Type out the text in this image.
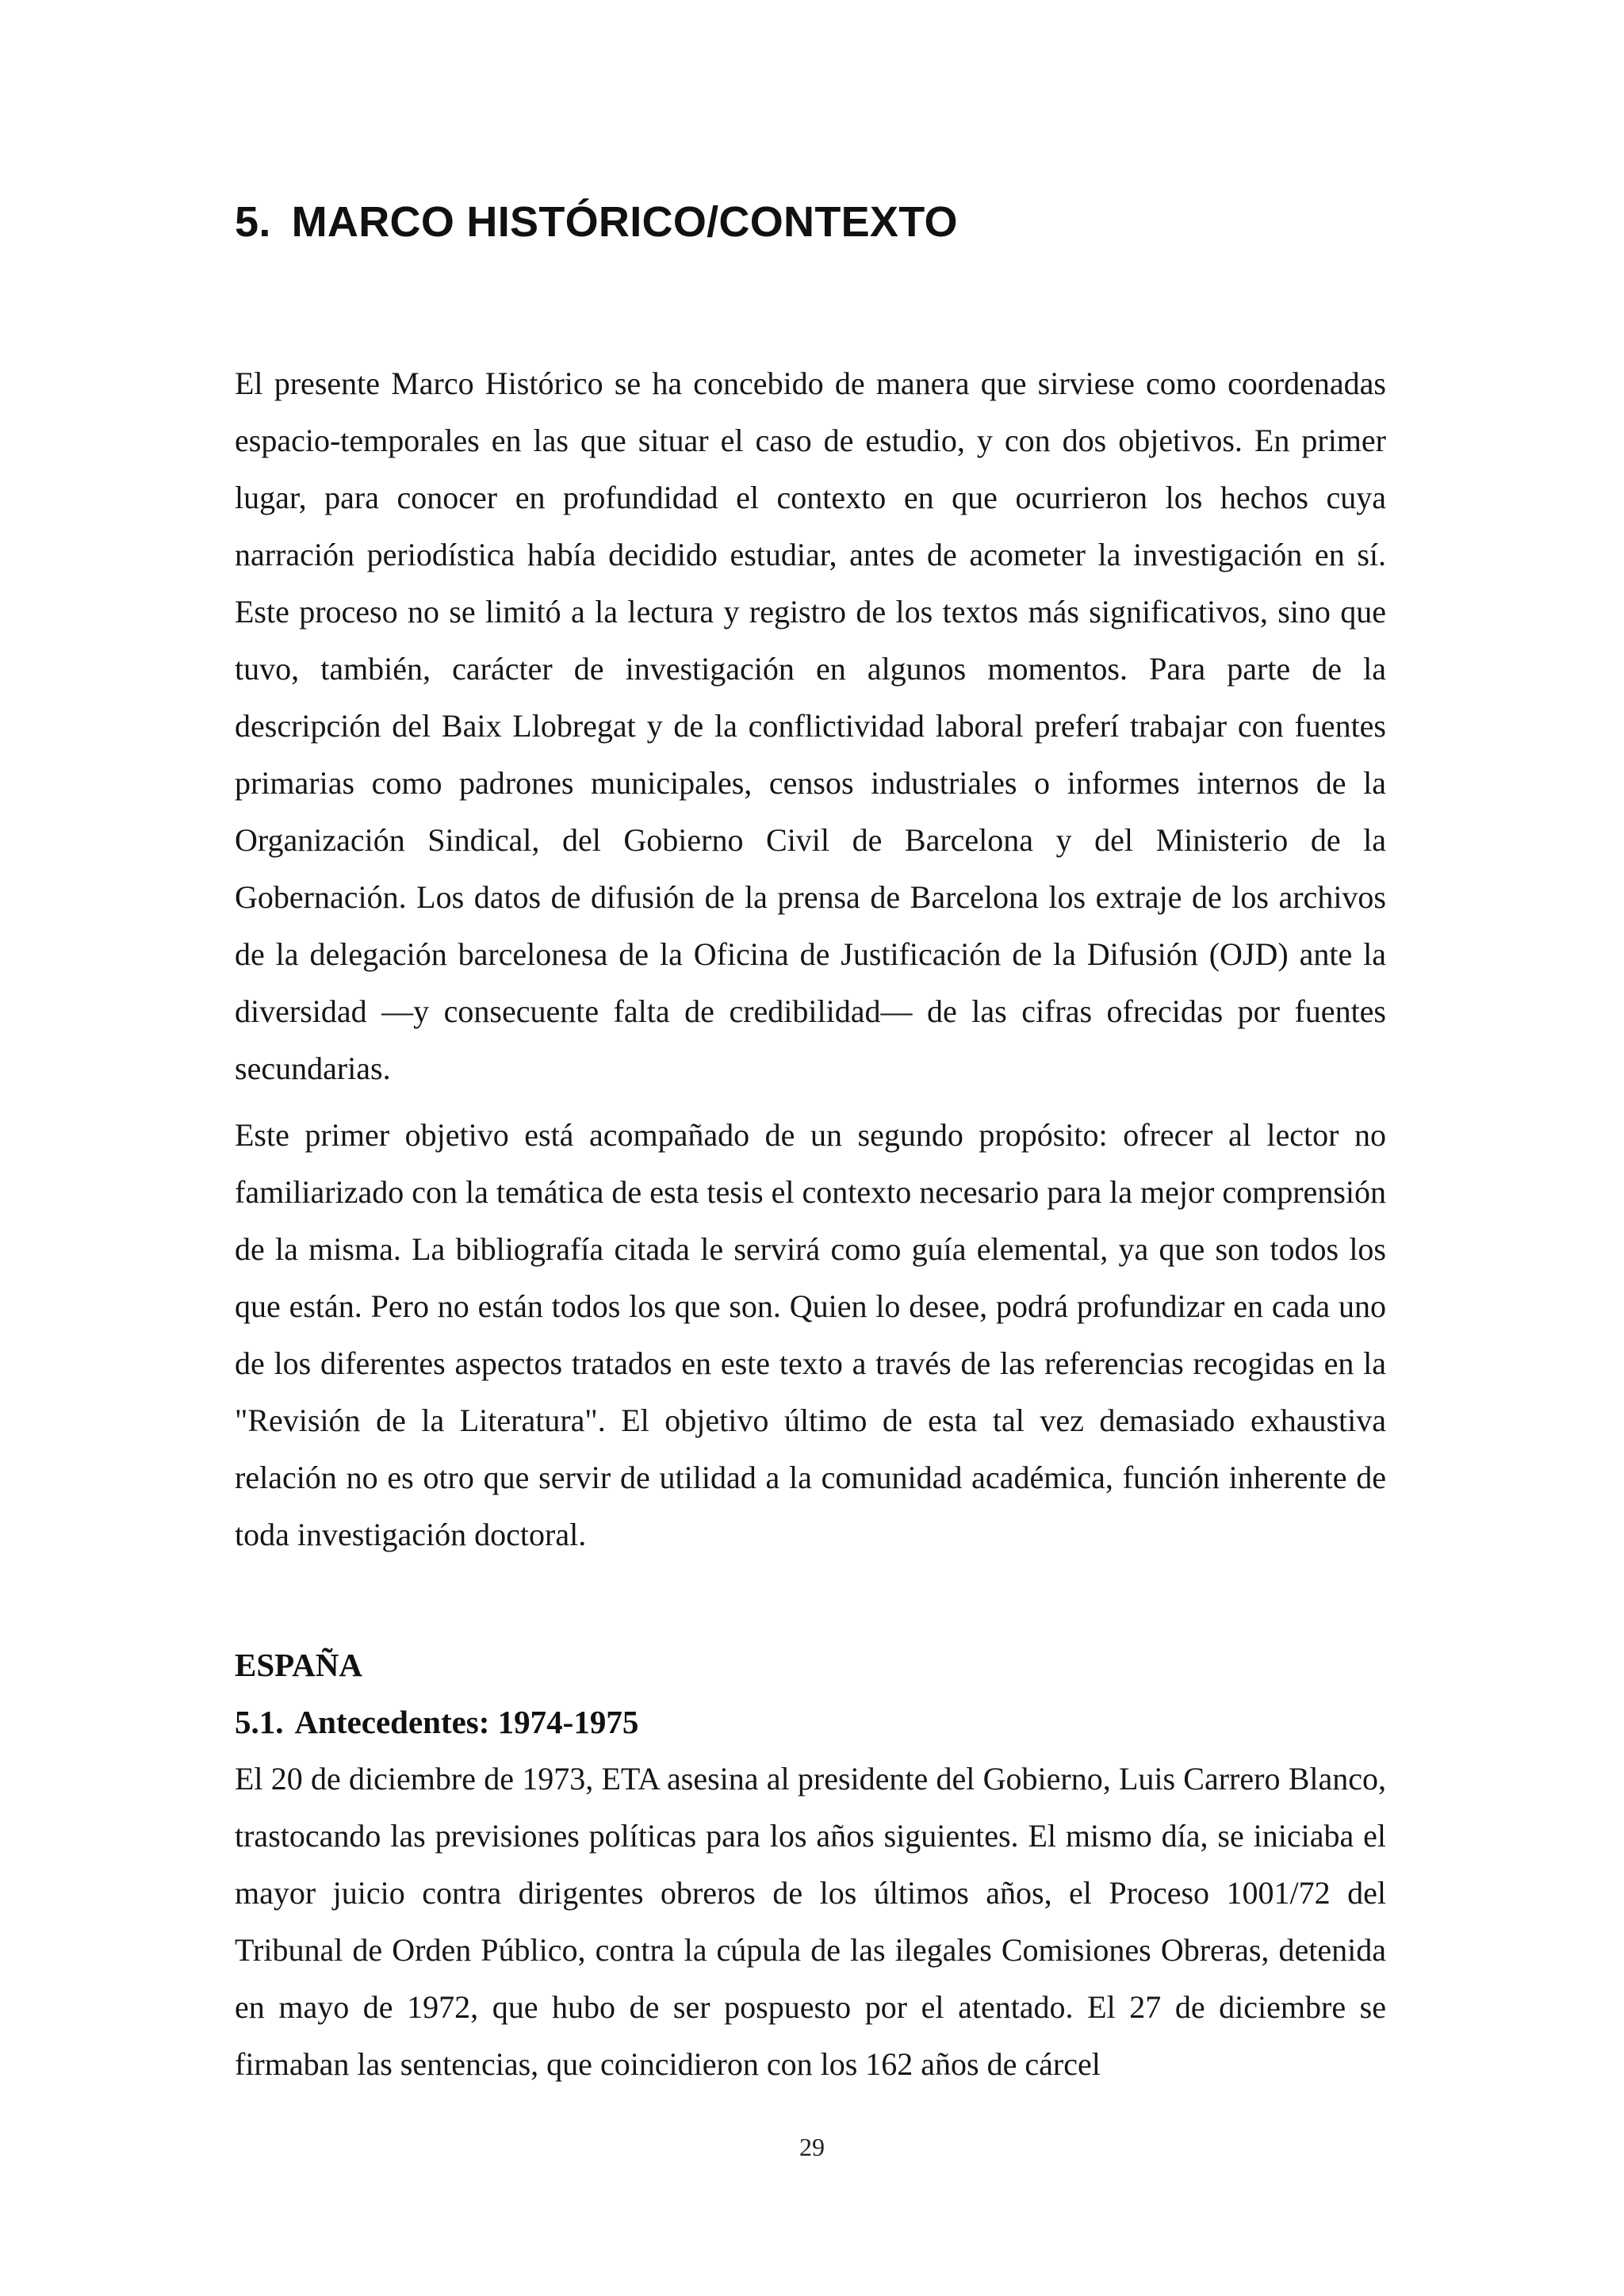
5. MARCO HISTÓRICO/CONTEXTO

El presente Marco Histórico se ha concebido de manera que sirviese como coordenadas espacio-temporales en las que situar el caso de estudio, y con dos objetivos. En primer lugar, para conocer en profundidad el contexto en que ocurrieron los hechos cuya narración periodística había decidido estudiar, antes de acometer la investigación en sí. Este proceso no se limitó a la lectura y registro de los textos más significativos, sino que tuvo, también, carácter de investigación en algunos momentos. Para parte de la descripción del Baix Llobregat y de la conflictividad laboral preferí trabajar con fuentes primarias como padrones municipales, censos industriales o informes internos de la Organización Sindical, del Gobierno Civil de Barcelona y del Ministerio de la Gobernación. Los datos de difusión de la prensa de Barcelona los extraje de los archivos de la delegación barcelonesa de la Oficina de Justificación de la Difusión (OJD) ante la diversidad —y consecuente falta de credibilidad— de las cifras ofrecidas por fuentes secundarias.

Este primer objetivo está acompañado de un segundo propósito: ofrecer al lector no familiarizado con la temática de esta tesis el contexto necesario para la mejor comprensión de la misma. La bibliografía citada le servirá como guía elemental, ya que son todos los que están. Pero no están todos los que son. Quien lo desee, podrá profundizar en cada uno de los diferentes aspectos tratados en este texto a través de las referencias recogidas en la "Revisión de la Literatura". El objetivo último de esta tal vez demasiado exhaustiva relación no es otro que servir de utilidad a la comunidad académica, función inherente de toda investigación doctoral.

ESPAÑA
5.1. Antecedentes: 1974-1975

El 20 de diciembre de 1973, ETA asesina al presidente del Gobierno, Luis Carrero Blanco, trastocando las previsiones políticas para los años siguientes. El mismo día, se iniciaba el mayor juicio contra dirigentes obreros de los últimos años, el Proceso 1001/72 del Tribunal de Orden Público, contra la cúpula de las ilegales Comisiones Obreras, detenida en mayo de 1972, que hubo de ser pospuesto por el atentado. El 27 de diciembre se firmaban las sentencias, que coincidieron con los 162 años de cárcel

29
